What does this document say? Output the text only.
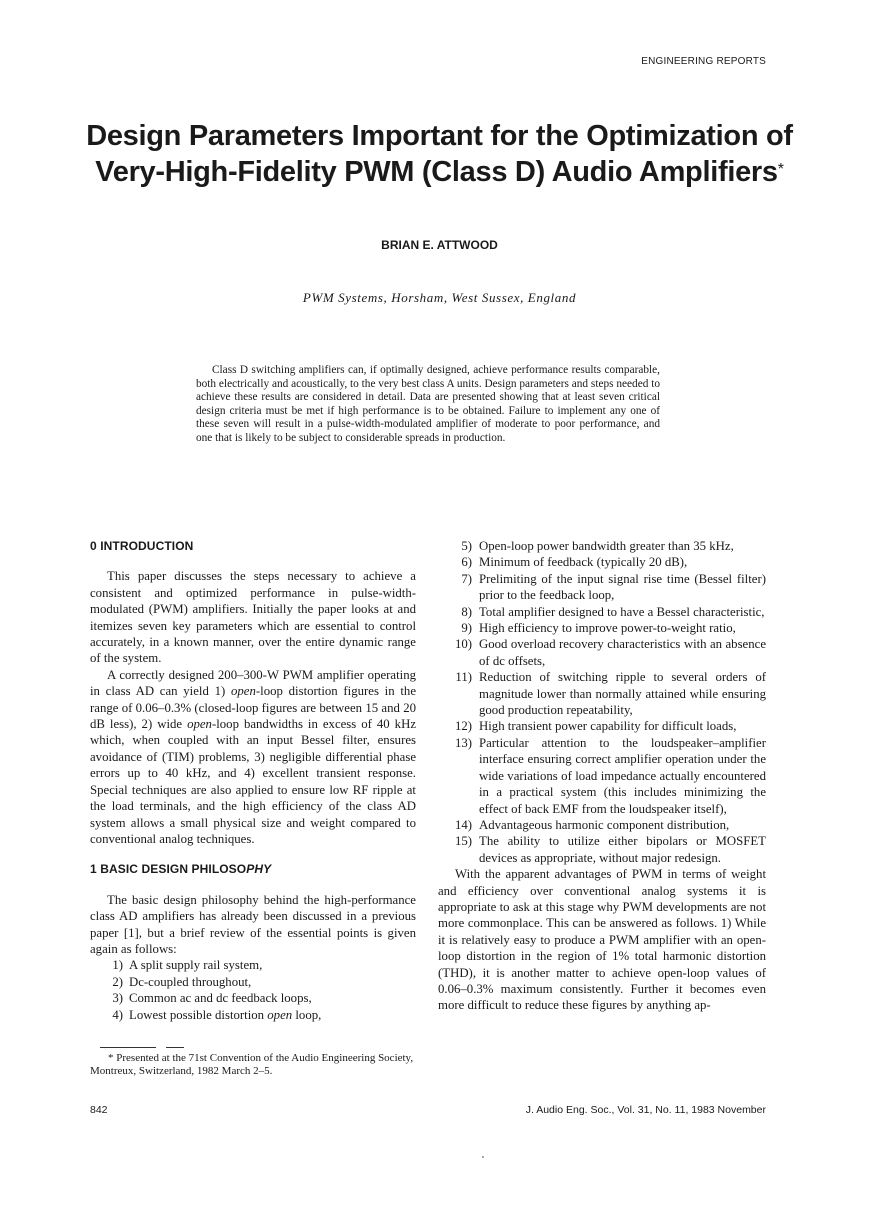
ENGINEERING REPORTS
Design Parameters Important for the Optimization of
Very-High-Fidelity PWM (Class D) Audio Amplifiers*
BRIAN E. ATTWOOD
PWM Systems, Horsham, West Sussex, England

Class D switching amplifiers can, if optimally designed, achieve performance results comparable, both electrically and acoustically, to the very best class A units. Design parameters and steps needed to achieve these results are considered in detail. Data are presented showing that at least seven critical design criteria must be met if high performance is to be obtained. Failure to implement any one of these seven will result in a pulse-width-modulated amplifier of moderate to poor performance, and one that is likely to be subject to considerable spreads in production.

0 INTRODUCTION

This paper discusses the steps necessary to achieve a consistent and optimized performance in pulse-width-modulated (PWM) amplifiers. Initially the paper looks at and itemizes seven key parameters which are essential to control accurately, in a known manner, over the entire dynamic range of the system.

A correctly designed 200–300-W PWM amplifier operating in class AD can yield 1) open-loop distortion figures in the range of 0.06–0.3% (closed-loop figures are between 15 and 20 dB less), 2) wide open-loop bandwidths in excess of 40 kHz which, when coupled with an input Bessel filter, ensures avoidance of (TIM) problems, 3) negligible differential phase errors up to 40 kHz, and 4) excellent transient response. Special techniques are also applied to ensure low RF ripple at the load terminals, and the high efficiency of the class AD system allows a small physical size and weight compared to conventional analog techniques.

1 BASIC DESIGN PHILOSOPHY

The basic design philosophy behind the high-performance class AD amplifiers has already been discussed in a previous paper [1], but a brief review of the essential points is given again as follows:

1) A split supply rail system,
2) Dc-coupled throughout,
3) Common ac and dc feedback loops,
4) Lowest possible distortion open loop,

* Presented at the 71st Convention of the Audio Engineering Society, Montreux, Switzerland, 1982 March 2–5.

5) Open-loop power bandwidth greater than 35 kHz,
6) Minimum of feedback (typically 20 dB),
7) Prelimiting of the input signal rise time (Bessel filter) prior to the feedback loop,
8) Total amplifier designed to have a Bessel characteristic,
9) High efficiency to improve power-to-weight ratio,
10) Good overload recovery characteristics with an absence of dc offsets,
11) Reduction of switching ripple to several orders of magnitude lower than normally attained while ensuring good production repeatability,
12) High transient power capability for difficult loads,
13) Particular attention to the loudspeaker–amplifier interface ensuring correct amplifier operation under the wide variations of load impedance actually encountered in a practical system (this includes minimizing the effect of back EMF from the loudspeaker itself),
14) Advantageous harmonic component distribution,
15) The ability to utilize either bipolars or MOSFET devices as appropriate, without major redesign.

With the apparent advantages of PWM in terms of weight and efficiency over conventional analog systems it is appropriate to ask at this stage why PWM developments are not more commonplace. This can be answered as follows. 1) While it is relatively easy to produce a PWM amplifier with an open-loop distortion in the region of 1% total harmonic distortion (THD), it is another matter to achieve open-loop values of 0.06–0.3% maximum consistently. Further it becomes even more difficult to reduce these figures by anything ap-

842	J. Audio Eng. Soc., Vol. 31, No. 11, 1983 November
